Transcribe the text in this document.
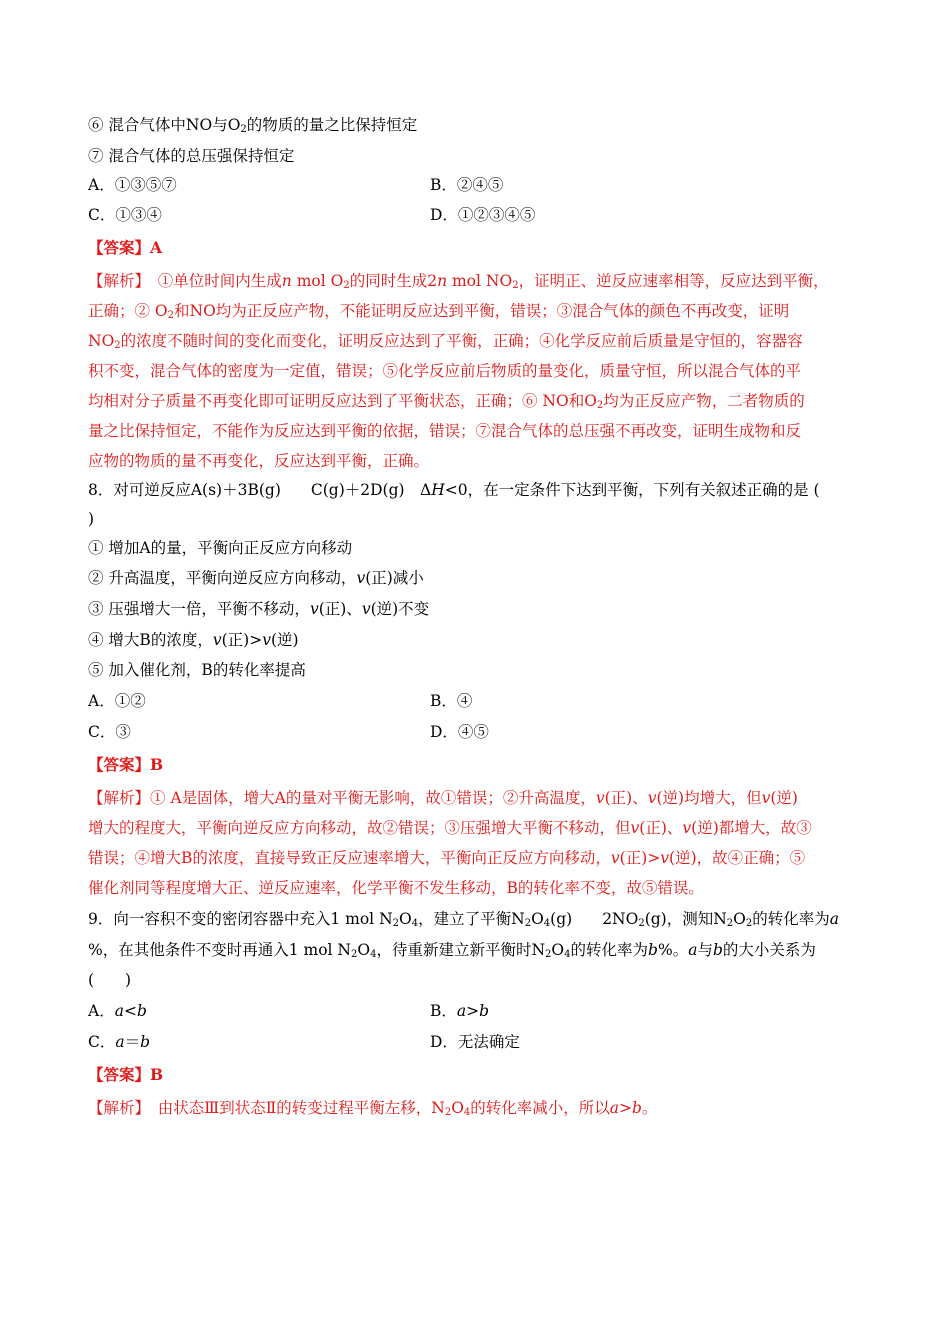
⑥ 混合气体中NO与$O_2$的物质的量之比保持恒定
⑦ 混合气体的总压强保持恒定
A．①③⑤⑦	B．②④⑤
C．①③④	D．①②③④⑤
【答案】A
【解析】　①单位时间内生成n mol $O_2$的同时生成2n mol $NO_2$，证明正、逆反应速率相等，反应达到平衡，
正确；② $O_2$和NO均为正反应产物，不能证明反应达到平衡，错误；③混合气体的颜色不再改变，证明
$NO_2$的浓度不随时间的变化而变化，证明反应达到了平衡，正确；④化学反应前后质量是守恒的，容器容
积不变，混合气体的密度为一定值，错误；⑤化学反应前后物质的量变化，质量守恒，所以混合气体的平
均相对分子质量不再变化即可证明反应达到了平衡状态，正确；⑥ NO和$O_2$均为正反应产物，二者物质的
量之比保持恒定，不能作为反应达到平衡的依据，错误；⑦混合气体的总压强不再改变，证明生成物和反
应物的物质的量不再变化，反应达到平衡，正确。
8．对可逆反应A(s)＋3B(g) C(g)＋2D(g)　ΔH<0，在一定条件下达到平衡，下列有关叙述正确的是 (
)
① 增加A的量，平衡向正反应方向移动
② 升高温度，平衡向逆反应方向移动，v(正)减小
③ 压强增大一倍，平衡不移动，v(正)、v(逆)不变
④ 增大B的浓度，v(正)>v(逆)
⑤ 加入催化剂，B的转化率提高
A．①②	B．④
C．③	D．④⑤
【答案】B
【解析】① A是固体，增大A的量对平衡无影响，故①错误；②升高温度，v(正)、v(逆)均增大，但v(逆)
增大的程度大，平衡向逆反应方向移动，故②错误；③压强增大平衡不移动，但v(正)、v(逆)都增大，故③
错误；④增大B的浓度，直接导致正反应速率增大，平衡向正反应方向移动，v(正)>v(逆)，故④正确；⑤
催化剂同等程度增大正、逆反应速率，化学平衡不发生移动，B的转化率不变，故⑤错误。
9．向一容积不变的密闭容器中充入1 mol $N_2O_4$，建立了平衡$N_2O_4(g)$ $2NO_2(g)$，测知$N_2O_2$的转化率为a
%，在其他条件不变时再通入1 mol $N_2O_4$，待重新建立新平衡时$N_2O_4$的转化率为b%。a与b的大小关系为
(　　)
A．a<b	B．a>b
C．a＝b	D．无法确定
【答案】B
【解析】　由状态Ⅲ到状态Ⅱ的转变过程平衡左移，$N_2O_4$的转化率减小，所以a>b。
